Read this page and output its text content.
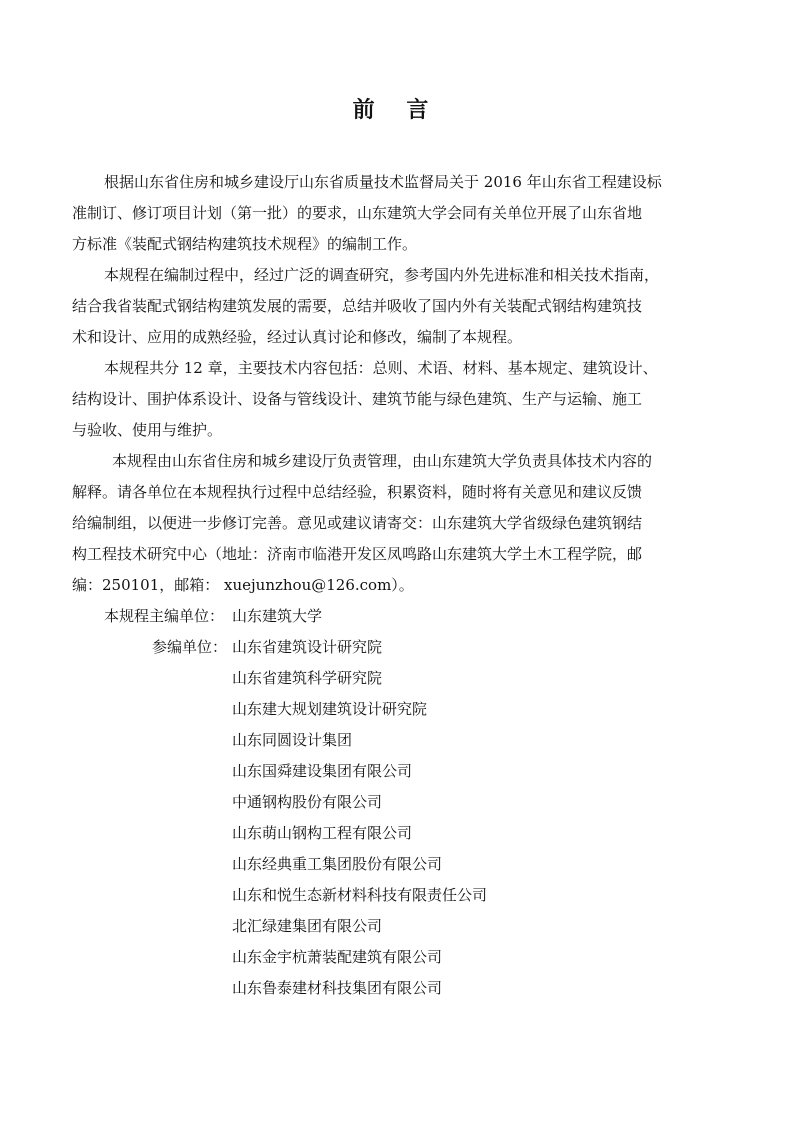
前 言
根据山东省住房和城乡建设厅山东省质量技术监督局关于 2016 年山东省工程建设标
准制订、修订项目计划（第一批）的要求，山东建筑大学会同有关单位开展了山东省地
方标准《装配式钢结构建筑技术规程》的编制工作。
本规程在编制过程中，经过广泛的调查研究，参考国内外先进标准和相关技术指南，
结合我省装配式钢结构建筑发展的需要，总结并吸收了国内外有关装配式钢结构建筑技
术和设计、应用的成熟经验，经过认真讨论和修改，编制了本规程。
本规程共分 12 章，主要技术内容包括：总则、术语、材料、基本规定、建筑设计、
结构设计、围护体系设计、设备与管线设计、建筑节能与绿色建筑、生产与运输、施工
与验收、使用与维护。
本规程由山东省住房和城乡建设厅负责管理，由山东建筑大学负责具体技术内容的
解释。请各单位在本规程执行过程中总结经验，积累资料，随时将有关意见和建议反馈
给编制组，以便进一步修订完善。意见或建议请寄交：山东建筑大学省级绿色建筑钢结
构工程技术研究中心（地址：济南市临港开发区凤鸣路山东建筑大学土木工程学院，邮
编：250101，邮箱： xuejunzhou@126.com）。
本规程主编单位： 山东建筑大学
参编单位： 山东省建筑设计研究院
山东省建筑科学研究院
山东建大规划建筑设计研究院
山东同圆设计集团
山东国舜建设集团有限公司
中通钢构股份有限公司
山东萌山钢构工程有限公司
山东经典重工集团股份有限公司
山东和悦生态新材料科技有限责任公司
北汇绿建集团有限公司
山东金宇杭萧装配建筑有限公司
山东鲁泰建材科技集团有限公司
